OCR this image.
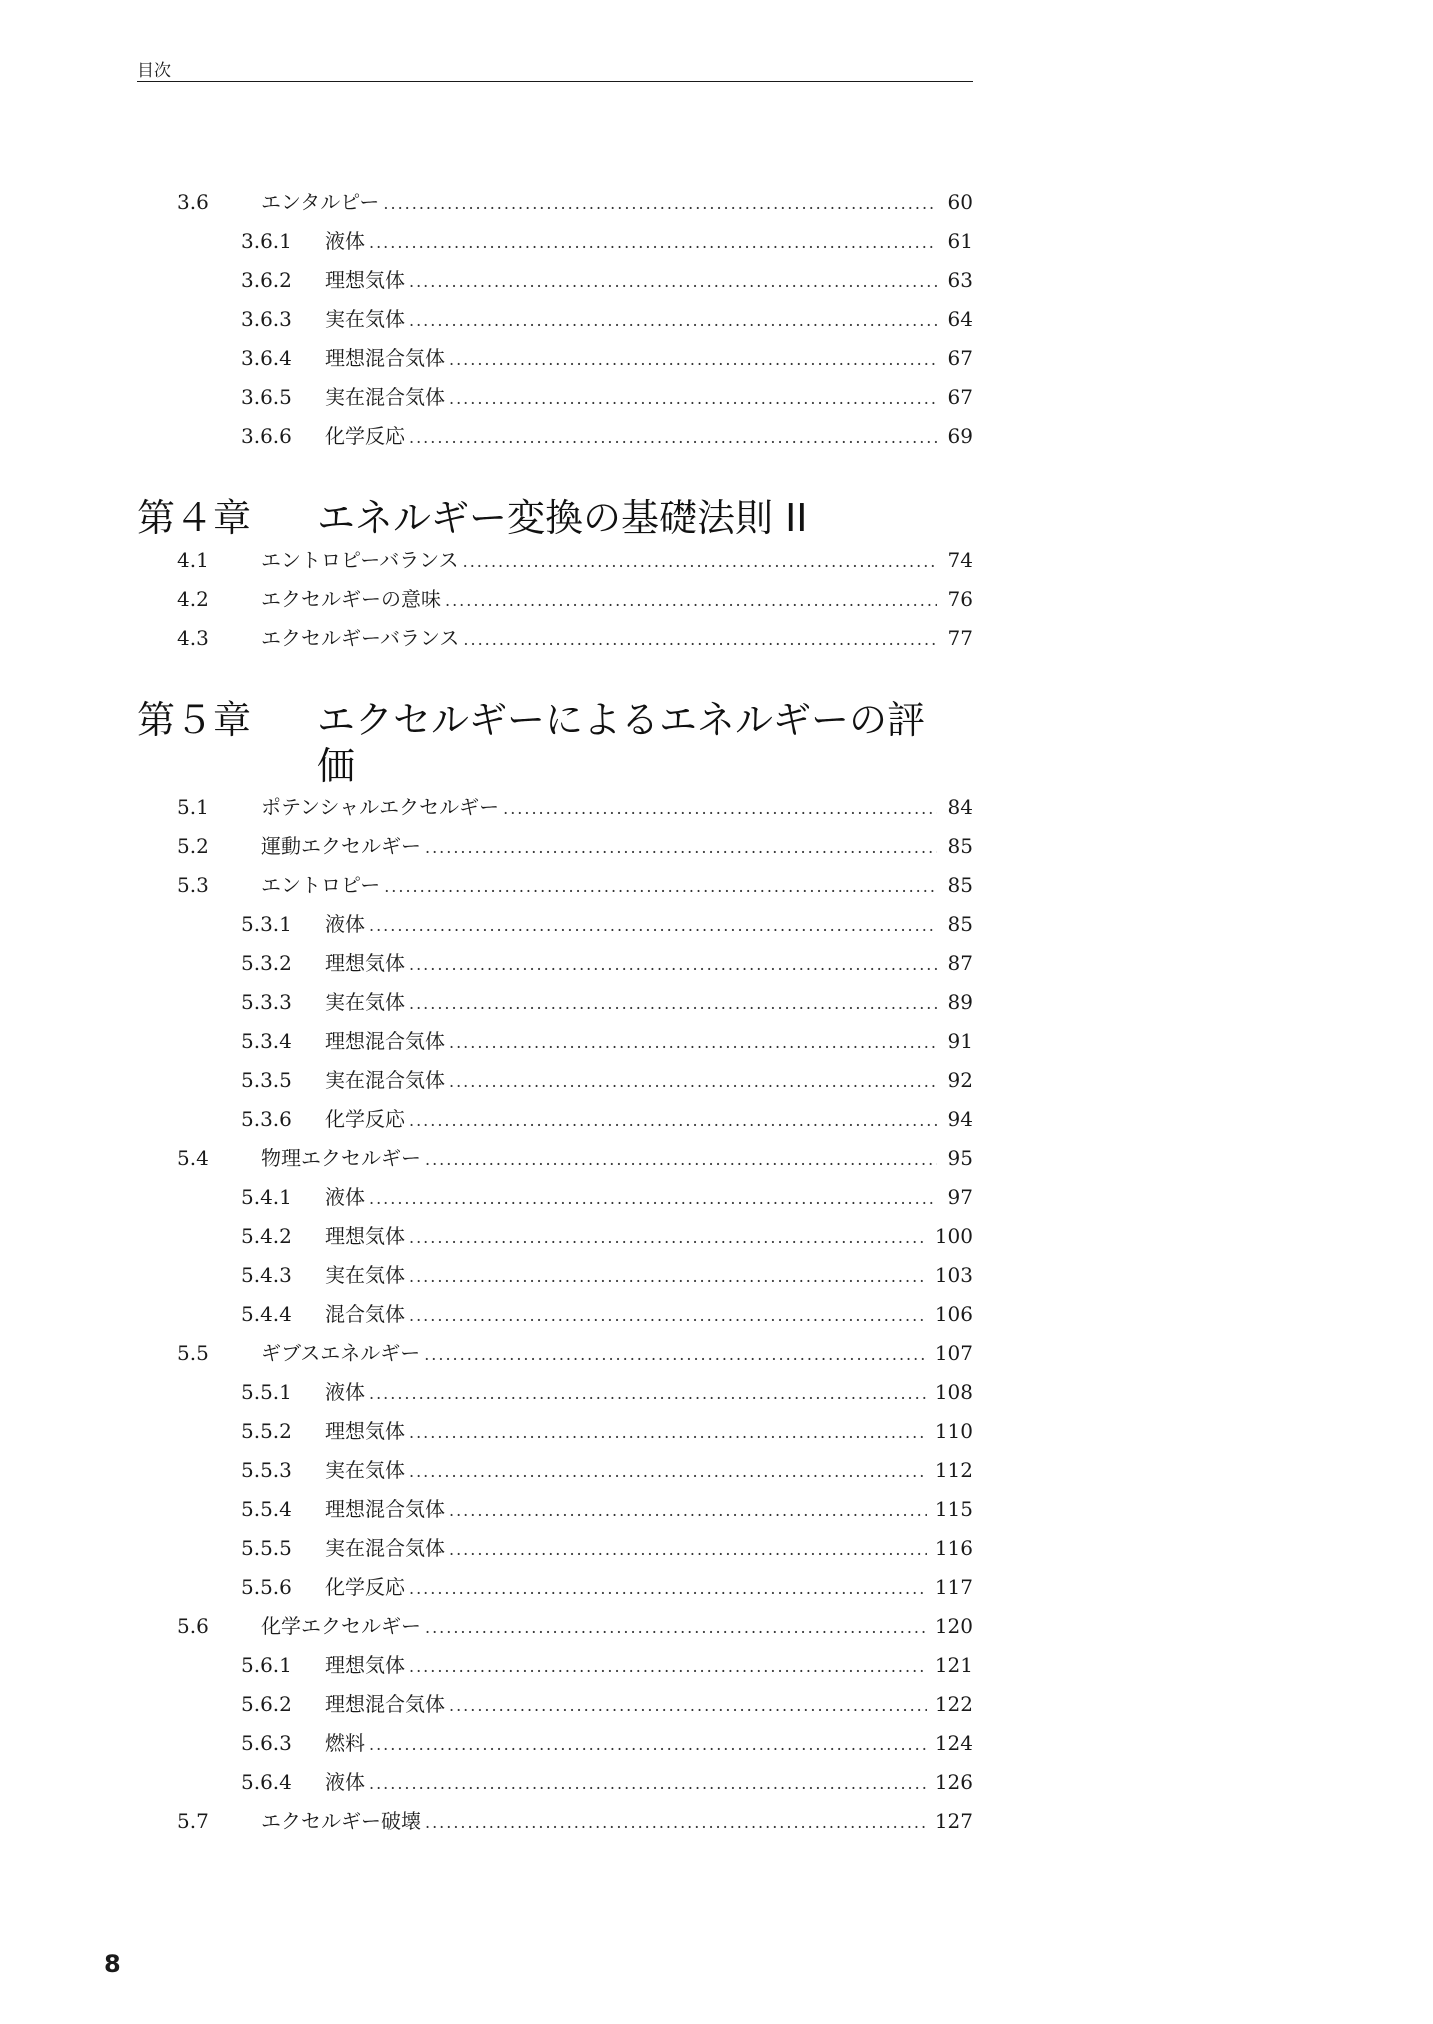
目次
3.6	エンタルピー .....	60
3.6.1	液体 .....	61
3.6.2	理想気体 .....	63
3.6.3	実在気体 .....	64
3.6.4	理想混合気体 .....	67
3.6.5	実在混合気体 .....	67
3.6.6	化学反応 .....	69
第４章 エネルギー変換の基礎法則 II
4.1	エントロピーバランス .....	74
4.2	エクセルギーの意味 .....	76
4.3	エクセルギーバランス .....	77
第５章 エクセルギーによるエネルギーの評価
5.1	ポテンシャルエクセルギー .....	84
5.2	運動エクセルギー .....	85
5.3	エントロピー .....	85
5.3.1	液体 .....	85
5.3.2	理想気体 .....	87
5.3.3	実在気体 .....	89
5.3.4	理想混合気体 .....	91
5.3.5	実在混合気体 .....	92
5.3.6	化学反応 .....	94
5.4	物理エクセルギー .....	95
5.4.1	液体 .....	97
5.4.2	理想気体 .....	100
5.4.3	実在気体 .....	103
5.4.4	混合気体 .....	106
5.5	ギブスエネルギー .....	107
5.5.1	液体 .....	108
5.5.2	理想気体 .....	110
5.5.3	実在気体 .....	112
5.5.4	理想混合気体 .....	115
5.5.5	実在混合気体 .....	116
5.5.6	化学反応 .....	117
5.6	化学エクセルギー .....	120
5.6.1	理想気体 .....	121
5.6.2	理想混合気体 .....	122
5.6.3	燃料 .....	124
5.6.4	液体 .....	126
5.7	エクセルギー破壊 .....	127
8
